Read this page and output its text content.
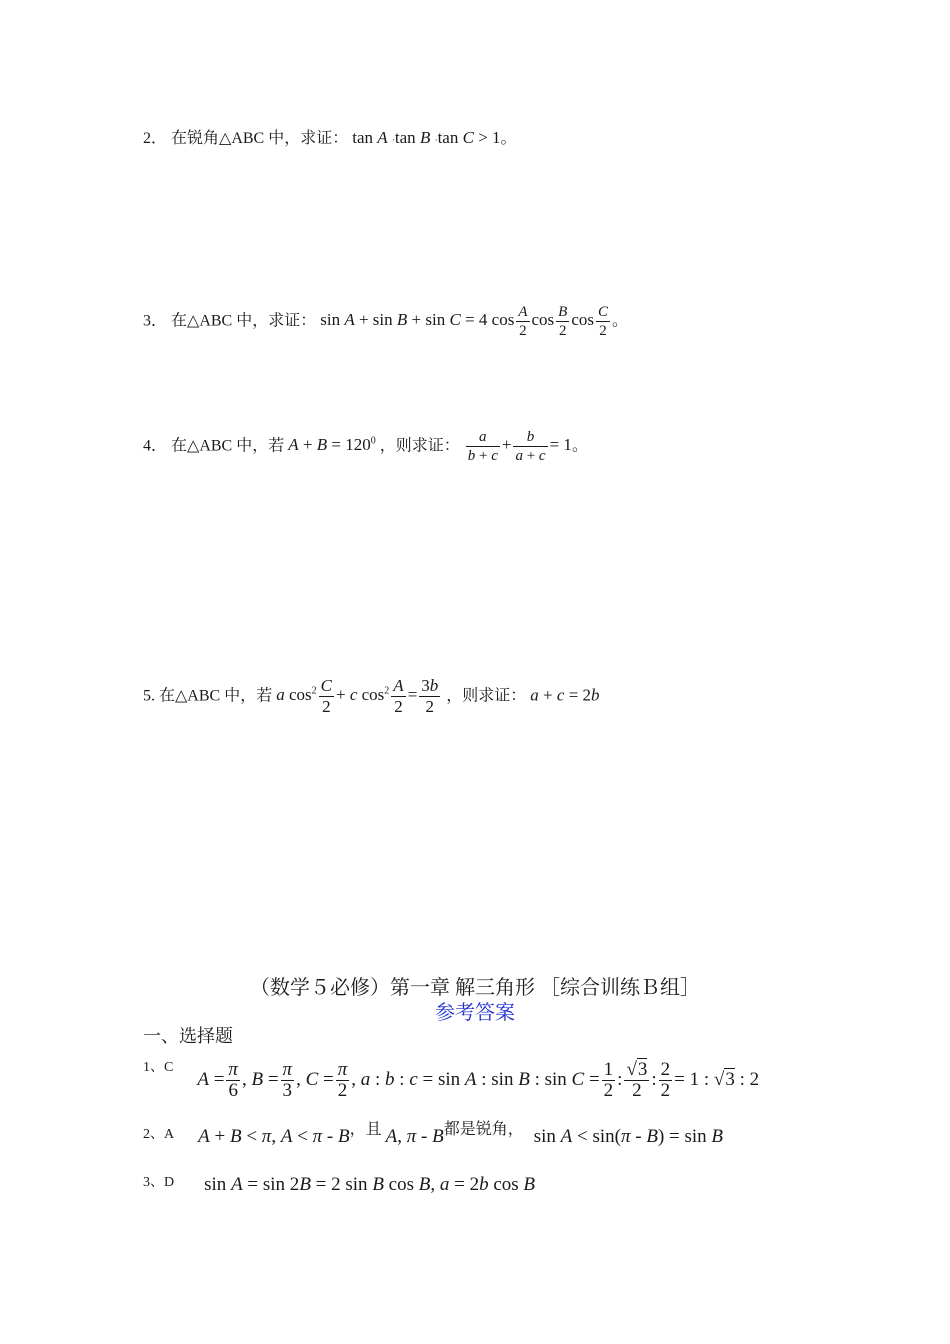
2． 在锐角△ABC 中，求证： tan A ·tan B ·tan C > 1。
3． 在△ABC 中，求证： sin A + sin B + sin C = 4 $\cos \frac{A}{2}$ $\cos \frac{B}{2}$ $\cos \frac{C}{2}$ 。
4． 在△ABC 中，若 $A + B = 120^0$ ，则求证： $\frac{a}{b + c} + \frac{b}{a + c} = 1$。
5. 在△ABC 中，若 a $\cos^2 \frac{C}{2} + c$ $\cos^2 \frac{A}{2} = \frac{3b}{2}$ ，则求证： a + c = 2b
（数学５必修）第一章 解三角形 ［综合训练Ｂ组］
参考答案
一、选择题
1、C $A = \frac{\pi}{6}$ , $B = \frac{\pi}{3}$ , $C = \frac{\pi}{2}$ , a : b : c = sin A : sin B : $\sin C = \frac{1}{2}$ : $\frac{√3}{2}$ : $\frac{2}{2} = 1$ : √3 : 2
2、A A + B < π, A < π - B，且 A, π - B都是锐角， sin A < sin(π - B) = sin B
3、D sin A = sin 2B = 2 sin B cos B, a = 2b cos B
